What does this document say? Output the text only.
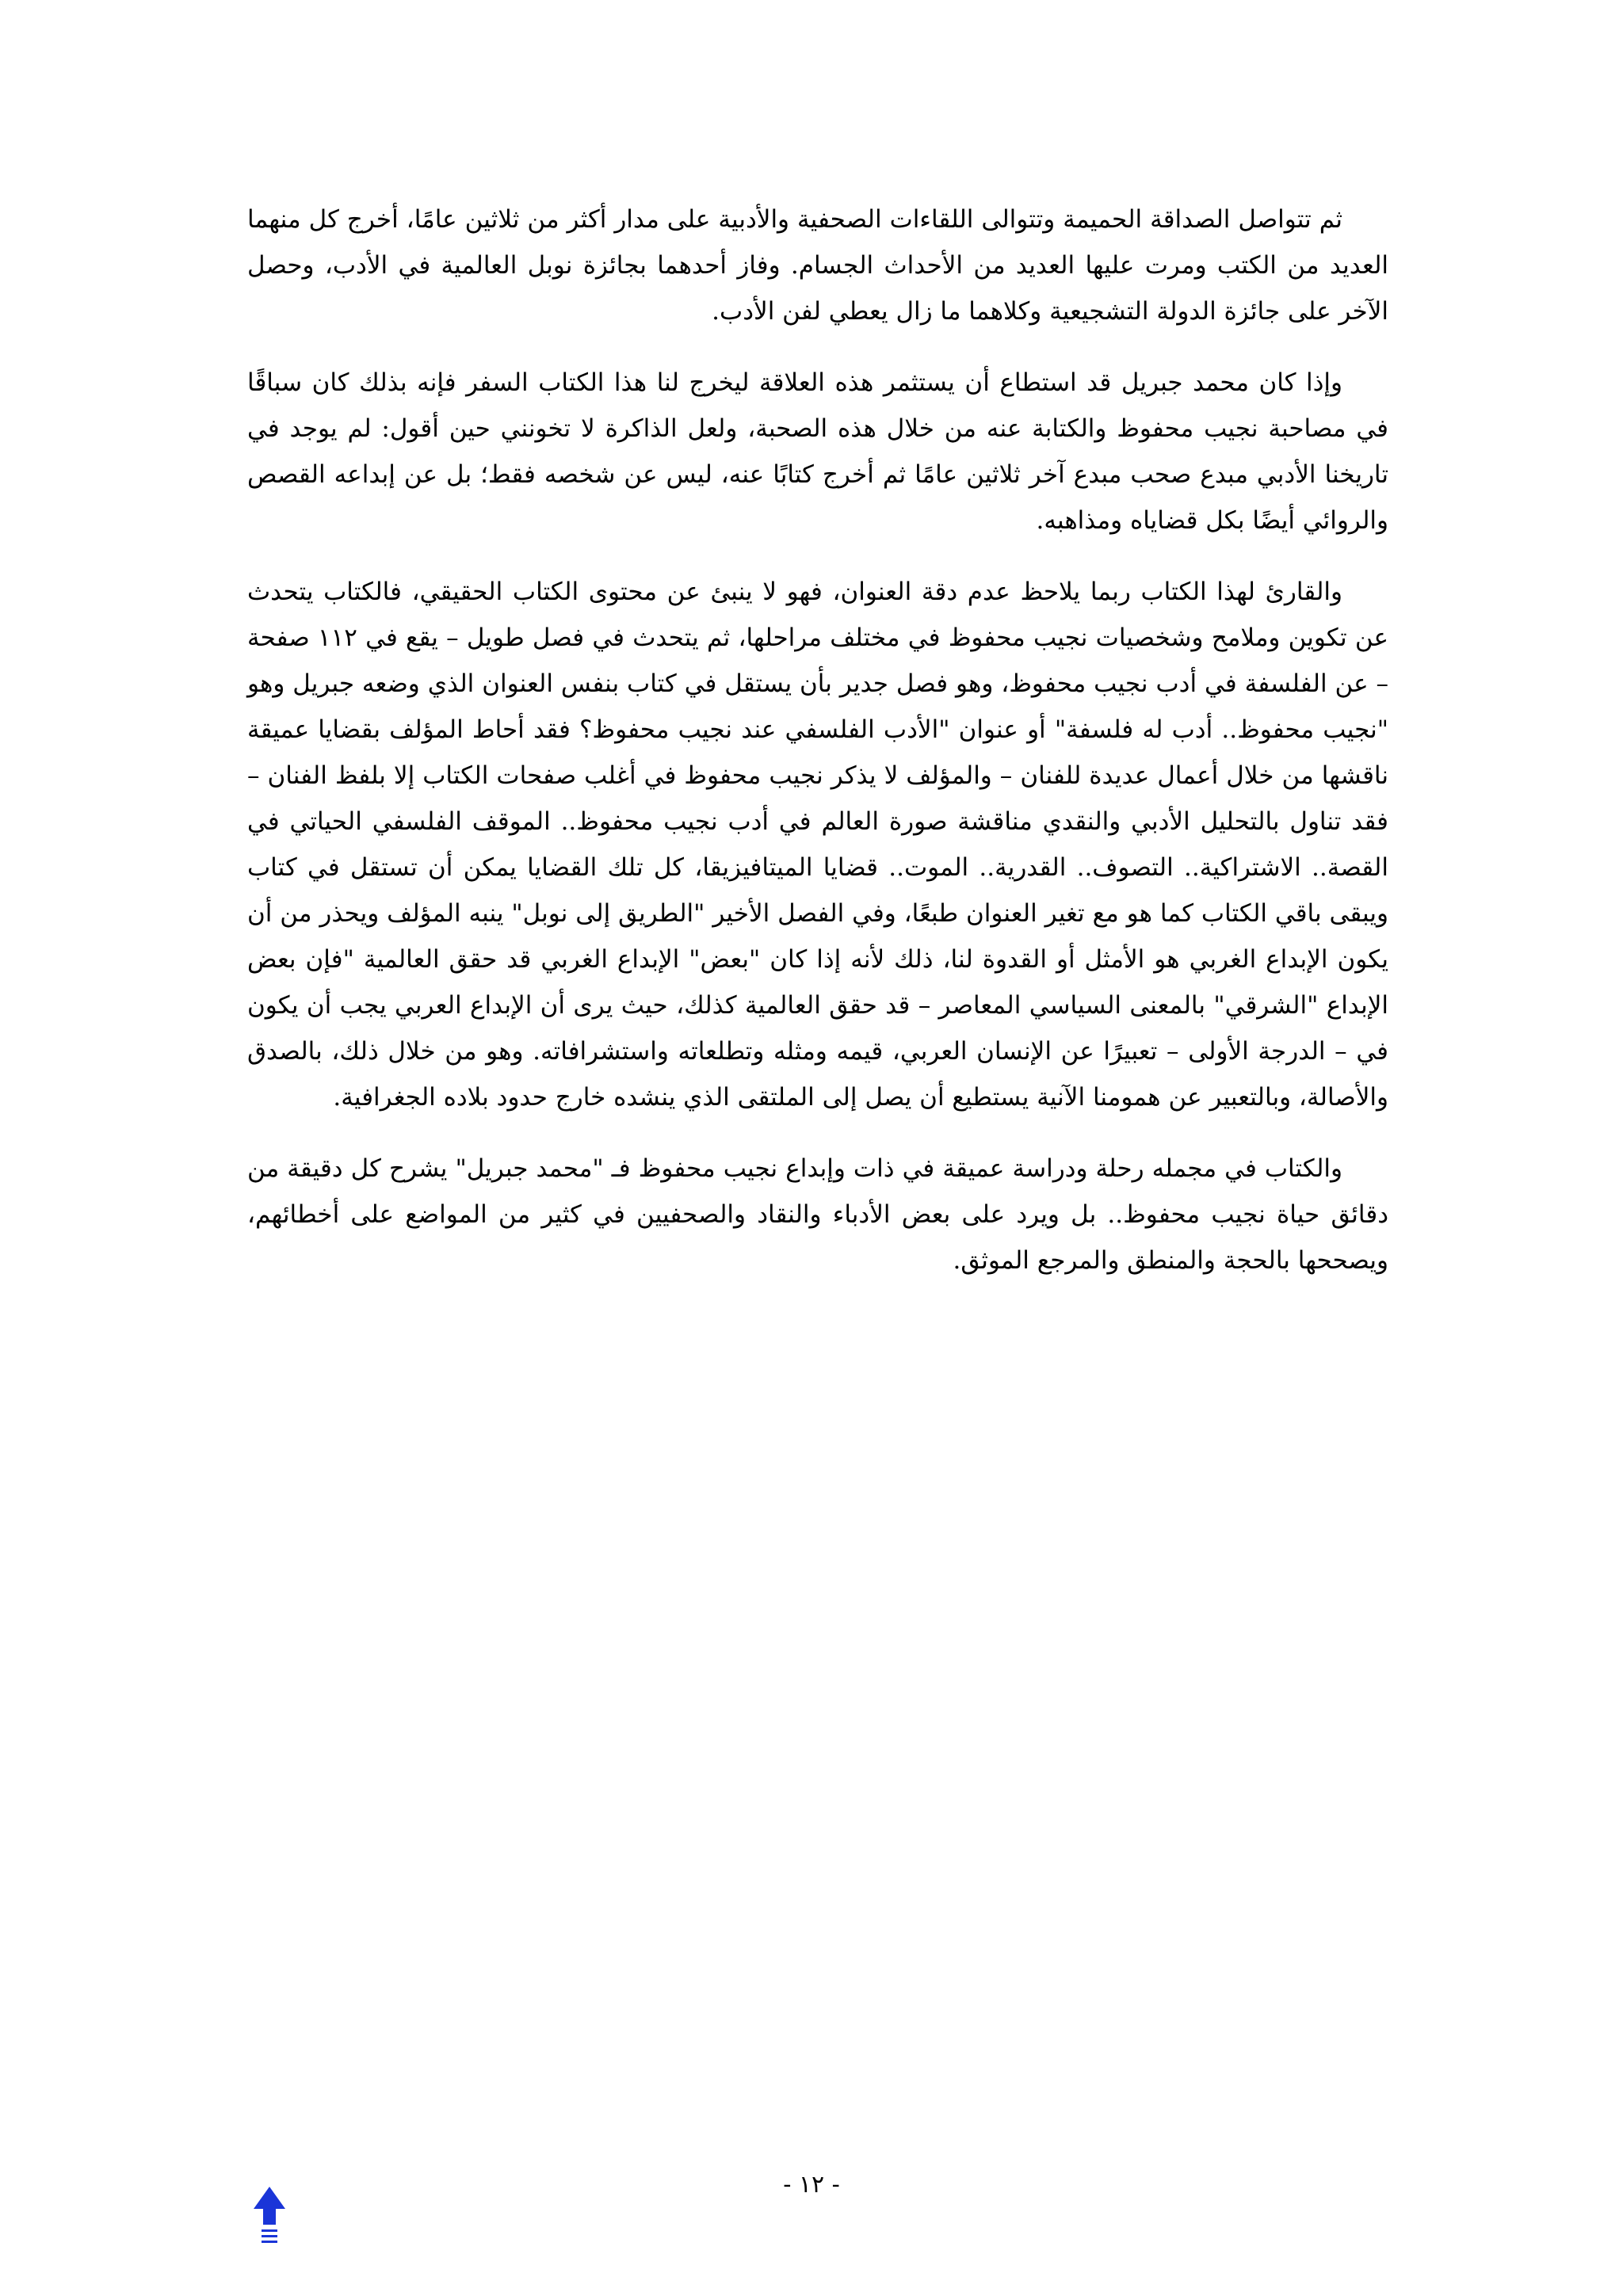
ثم تتواصل الصداقة الحميمة وتتوالى اللقاءات الصحفية والأدبية على مدار أكثر من ثلاثين عامًا، أخرج كل منهما العديد من الكتب ومرت عليها العديد من الأحداث الجسام. وفاز أحدهما بجائزة نوبل العالمية في الأدب، وحصل الآخر على جائزة الدولة التشجيعية وكلاهما ما زال يعطي لفن الأدب.

وإذا كان محمد جبريل قد استطاع أن يستثمر هذه العلاقة ليخرج لنا هذا الكتاب السفر فإنه بذلك كان سباقًا في مصاحبة نجيب محفوظ والكتابة عنه من خلال هذه الصحبة، ولعل الذاكرة لا تخونني حين أقول: لم يوجد في تاريخنا الأدبي مبدع صحب مبدع آخر ثلاثين عامًا ثم أخرج كتابًا عنه، ليس عن شخصه فقط؛ بل عن إبداعه القصص والروائي أيضًا بكل قضاياه ومذاهبه.

والقارئ لهذا الكتاب ربما يلاحظ عدم دقة العنوان، فهو لا ينبئ عن محتوى الكتاب الحقيقي، فالكتاب يتحدث عن تكوين وملامح وشخصيات نجيب محفوظ في مختلف مراحلها، ثم يتحدث في فصل طويل – يقع في ١١٢ صفحة – عن الفلسفة في أدب نجيب محفوظ، وهو فصل جدير بأن يستقل في كتاب بنفس العنوان الذي وضعه جبريل وهو "نجيب محفوظ.. أدب له فلسفة" أو عنوان "الأدب الفلسفي عند نجيب محفوظ؟ فقد أحاط المؤلف بقضايا عميقة ناقشها من خلال أعمال عديدة للفنان – والمؤلف لا يذكر نجيب محفوظ في أغلب صفحات الكتاب إلا بلفظ الفنان – فقد تناول بالتحليل الأدبي والنقدي مناقشة صورة العالم في أدب نجيب محفوظ.. الموقف الفلسفي الحياتي في القصة.. الاشتراكية.. التصوف.. القدرية.. الموت.. قضايا الميتافيزيقا، كل تلك القضايا يمكن أن تستقل في كتاب ويبقى باقي الكتاب كما هو مع تغير العنوان طبعًا، وفي الفصل الأخير "الطريق إلى نوبل" ينبه المؤلف ويحذر من أن يكون الإبداع الغربي هو الأمثل أو القدوة لنا، ذلك لأنه إذا كان "بعض" الإبداع الغربي قد حقق العالمية "فإن بعض الإبداع "الشرقي" بالمعنى السياسي المعاصر – قد حقق العالمية كذلك، حيث يرى أن الإبداع العربي يجب أن يكون في – الدرجة الأولى – تعبيرًا عن الإنسان العربي، قيمه ومثله وتطلعاته واستشرافاته. وهو من خلال ذلك، بالصدق والأصالة، وبالتعبير عن همومنا الآنية يستطيع أن يصل إلى الملتقى الذي ينشده خارج حدود بلاده الجغرافية.

والكتاب في مجمله رحلة ودراسة عميقة في ذات وإبداع نجيب محفوظ فـ "محمد جبريل" يشرح كل دقيقة من دقائق حياة نجيب محفوظ.. بل ويرد على بعض الأدباء والنقاد والصحفيين في كثير من المواضع على أخطائهم، ويصححها بالحجة والمنطق والمرجع الموثق.

- ١٢ -
